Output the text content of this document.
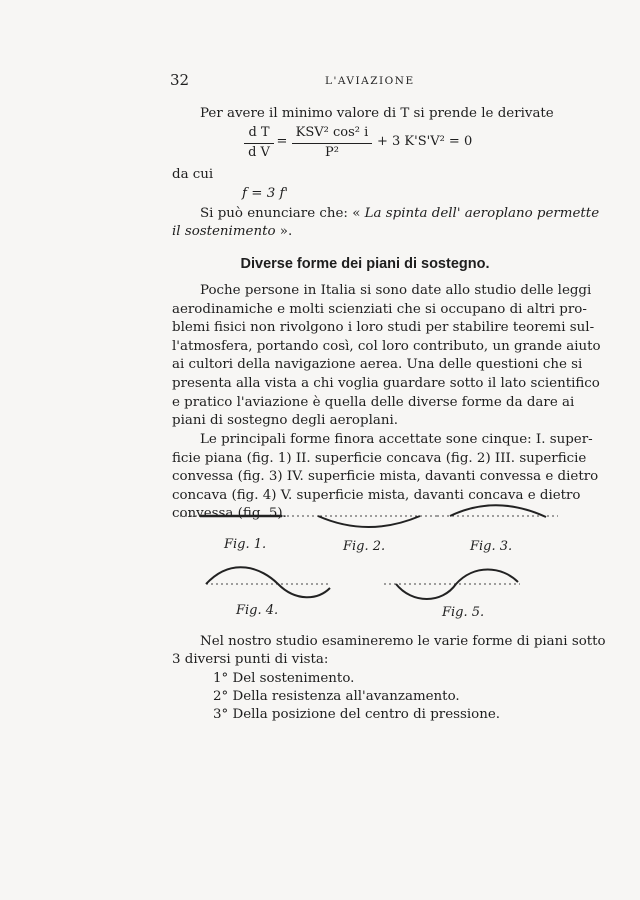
32	L'AVIAZIONE
Per avere il minimo valore di T si prende le derivate
d T
d V
=
KSV² cos² i
P²
+ 3 K'S'V² = 0
da cui
f = 3 f'
Si può enunciare che: « La spinta dell' aeroplano permette
il sostenimento ».
Diverse forme dei piani di sostegno.
Poche persone in Italia si sono date allo studio delle leggi
aerodinamiche e molti scienziati che si occupano di altri pro-
blemi fisici non rivolgono i loro studi per stabilire teoremi sul-
l'atmosfera, portando così, col loro contributo, un grande aiuto
ai cultori della navigazione aerea. Una delle questioni che si
presenta alla vista a chi voglia guardare sotto il lato scientifico
e pratico l'aviazione è quella delle diverse forme da dare ai
piani di sostegno degli aeroplani.
Le principali forme finora accettate sone cinque: I. super-
ficie piana (fig. 1) II. superficie concava (fig. 2) III. superficie
convessa (fig. 3) IV. superficie mista, davanti convessa e dietro
concava (fig. 4) V. superficie mista, davanti concava e dietro
convessa (fig. 5).
Fig. 1.	Fig. 2.	Fig. 3.
Fig. 4.	Fig. 5.
Nel nostro studio esamineremo le varie forme di piani sotto
3 diversi punti di vista:
1° Del sostenimento.
2° Della resistenza all'avanzamento.
3° Della posizione del centro di pressione.
